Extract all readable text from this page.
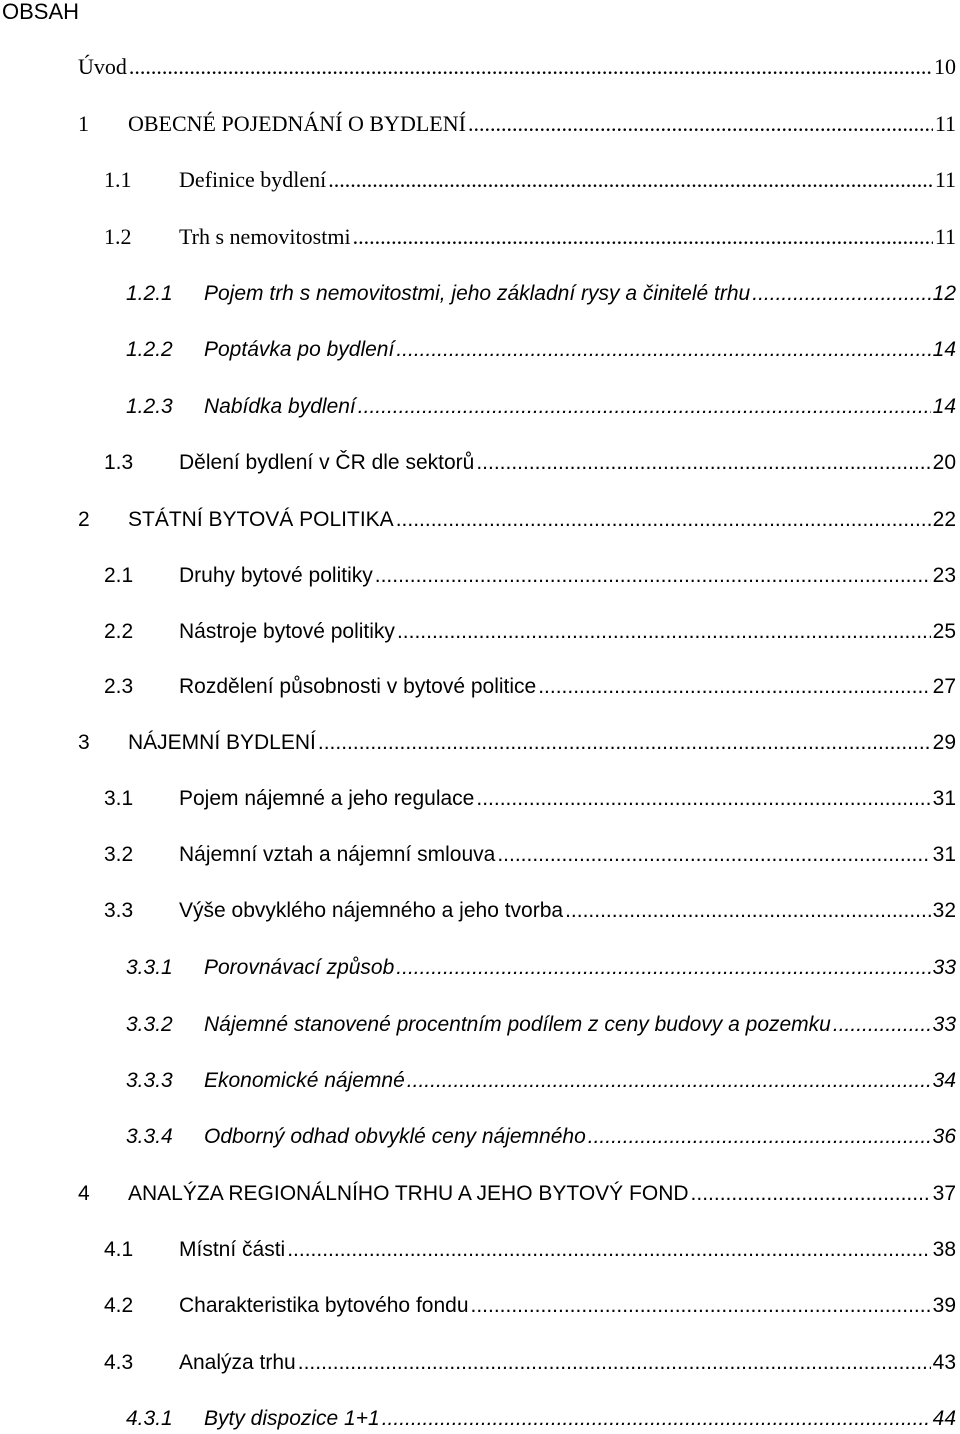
OBSAH
Úvod .....	10
1	OBECNÉ POJEDNÁNÍ O BYDLENÍ .....	11
1.1	Definice bydlení .....	11
1.2	Trh s nemovitostmi .....	11
1.2.1	Pojem trh s nemovitostmi, jeho základní rysy a činitelé trhu .....	12
1.2.2	Poptávka po bydlení .....	14
1.2.3	Nabídka bydlení .....	14
1.3	Dělení bydlení v ČR dle sektorů .....	20
2	STÁTNÍ BYTOVÁ POLITIKA .....	22
2.1	Druhy bytové politiky .....	23
2.2	Nástroje bytové politiky .....	25
2.3	Rozdělení působnosti v bytové politice .....	27
3	NÁJEMNÍ BYDLENÍ .....	29
3.1	Pojem nájemné a jeho regulace .....	31
3.2	Nájemní vztah a nájemní smlouva .....	31
3.3	Výše obvyklého nájemného a jeho tvorba .....	32
3.3.1	Porovnávací způsob .....	33
3.3.2	Nájemné stanovené procentním podílem z ceny budovy a pozemku .....	33
3.3.3	Ekonomické nájemné .....	34
3.3.4	Odborný odhad obvyklé ceny nájemného .....	36
4	ANALÝZA REGIONÁLNÍHO TRHU A JEHO BYTOVÝ FOND .....	37
4.1	Místní části .....	38
4.2	Charakteristika bytového fondu .....	39
4.3	Analýza trhu .....	43
4.3.1	Byty dispozice 1+1 .....	44
